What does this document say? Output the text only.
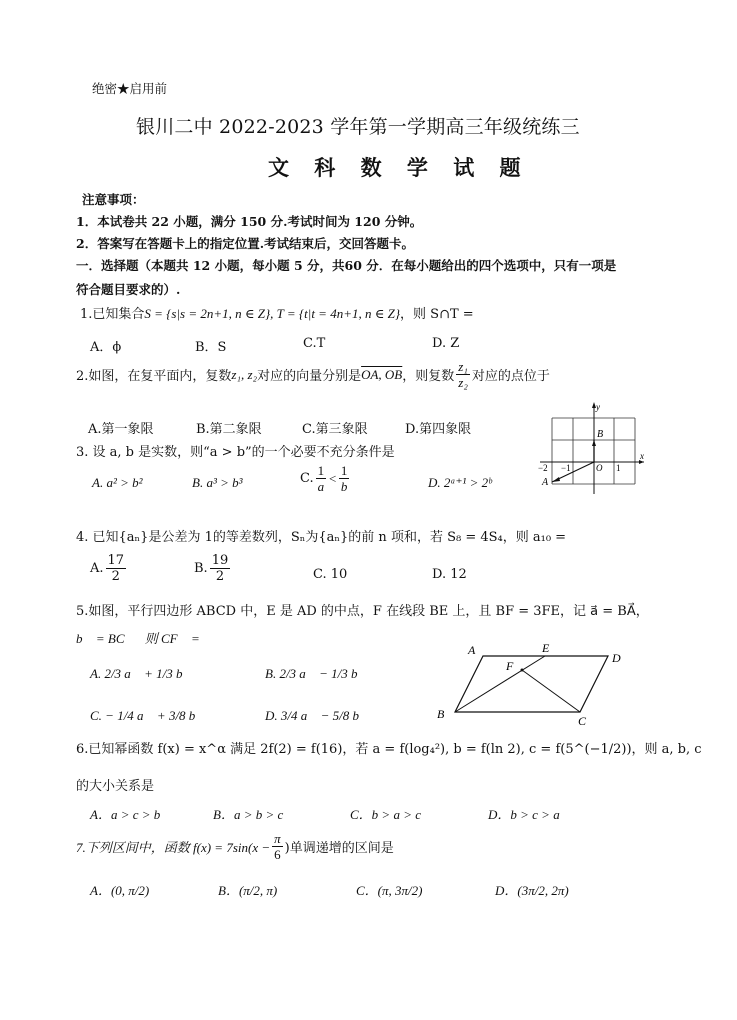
绝密★启用前
银川二中 2022-2023 学年第一学期高三年级统练三
文 科 数 学 试 题
注意事项：
1．本试卷共 22 小题，满分 150 分.考试时间为 120 分钟。
2．答案写在答题卡上的指定位置.考试结束后，交回答题卡。
一．选择题（本题共 12 小题，每小题 5 分，共60 分．在每小题给出的四个选项中，只有一项是
符合题目要求的）.
1.已知集合S = {s|s = 2n+1, n ∈ Z}, T = {t|t = 4n+1, n ∈ Z}，则 S∩T =
A．ϕ	B．S	C.T	D. Z
2.如图，在复平面内，复数 z₁, z₂ 对应的向量分别是 OA, OB ，则复数 $\frac{\text{z₁}}{\text{z₂}}$ 对应的点位于
A.第一象限	B.第二象限	C.第三象限	D.第四象限
y
x
B
A
O
−2 −1	1
3. 设 a, b 是实数，则“a > b”的一个必要不充分条件是
A. a² > b²	B. a³ > b³	C. $\frac{1}{a} < \frac{1}{b}$	D. 2ᵃ⁺¹ > 2ᵇ
4. 已知{aₙ}是公差为 1的等差数列，Sₙ为{aₙ}的前 n 项和，若 S₈ = 4S₄，则 a₁₀ =
A. $\frac{17}{2}$	B. $\frac{19}{2}$	C. 10	D. 12
5.如图，平行四边形 ABCD 中，E 是 AD 的中点，F 在线段 BE 上，且 BF = 3FE，记 a⃗ = BA⃗，
b⃗ = BC⃗，则 CF⃗ =
A. 2/3 a⃗ + 1/3 b⃗	B. 2/3 a⃗ − 1/3 b⃗
C. − 1/4 a⃗ + 3/8 b⃗	D. 3/4 a⃗ − 5/8 b⃗
A	E
D
F
B	C
6.已知幂函数 f(x) = x^α 满足 2f(2) = f(16)，若 a = f(log₄²), b = f(ln 2), c = f(5^(−1/2))，则 a, b, c
的大小关系是
A．a > c > b	B．a > b > c	C．b > a > c	D．b > c > a
7.下列区间中，函数 $f(x) = 7\sin(x - \frac{\pi}{6}$ )单调递增的区间是
A．(0, π/2)	B．(π/2, π)	C．(π, 3π/2)	D．(3π/2, 2π)
